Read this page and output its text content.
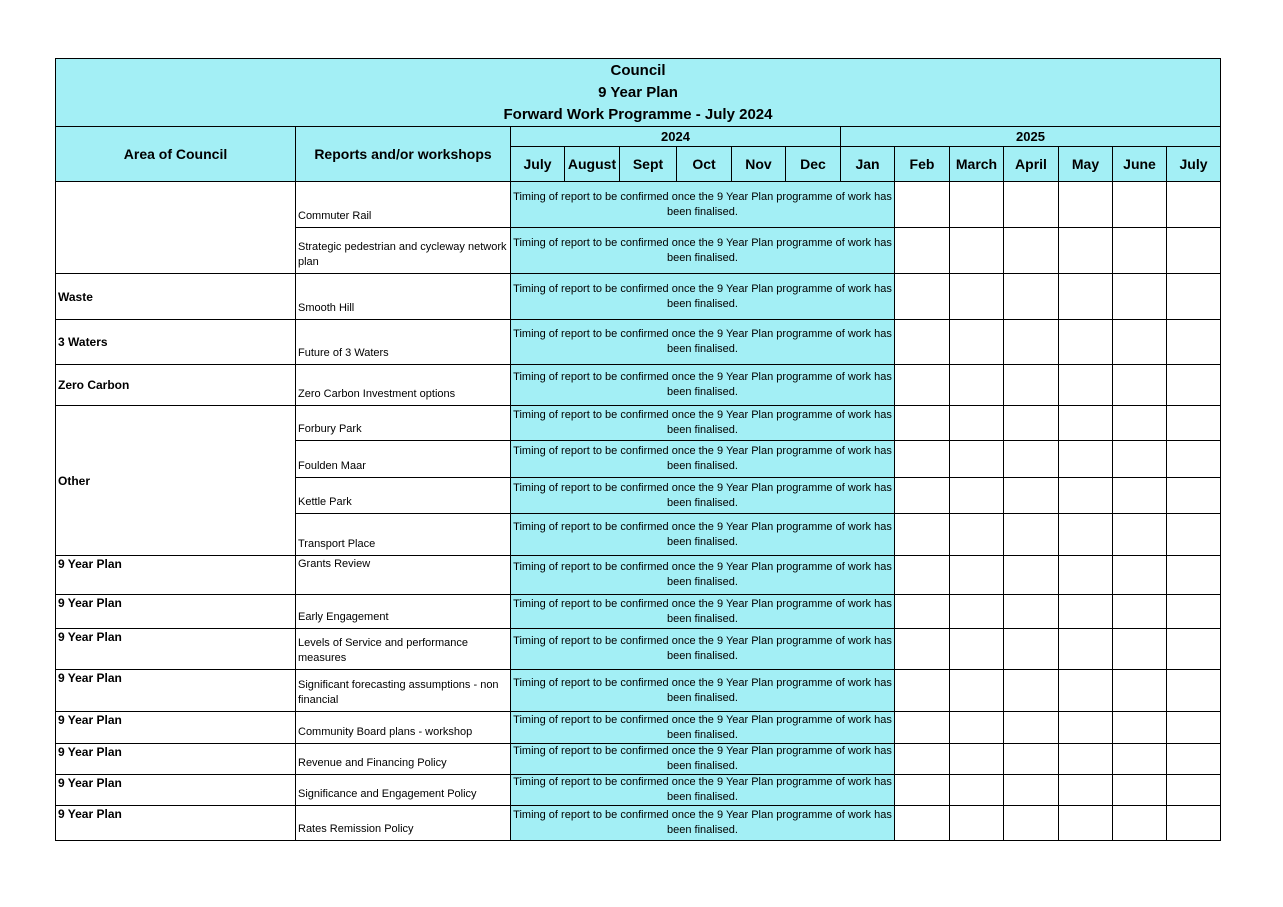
Council
9 Year Plan
Forward Work Programme - July 2024														

Area of Council	Reports and/or workshops	2024						2025						
		July	August	Sept	Oct	Nov	Dec	Jan	Feb	March	April	May	June	July
	Commuter Rail	Timing of report to be confirmed once the 9 Year Plan programme of work has been finalised.												
	Strategic pedestrian and cycleway network plan	Timing of report to be confirmed once the 9 Year Plan programme of work has been finalised.												
Waste	Smooth Hill	Timing of report to be confirmed once the 9 Year Plan programme of work has been finalised.												
3 Waters	Future of 3 Waters	Timing of report to be confirmed once the 9 Year Plan programme of work has been finalised.												
Zero Carbon	Zero Carbon Investment options	Timing of report to be confirmed once the 9 Year Plan programme of work has been finalised.												
Other	Forbury Park	Timing of report to be confirmed once the 9 Year Plan programme of work has been finalised.												
	Foulden Maar	Timing of report to be confirmed once the 9 Year Plan programme of work has been finalised.												
	Kettle Park	Timing of report to be confirmed once the 9 Year Plan programme of work has been finalised.												
	Transport Place	Timing of report to be confirmed once the 9 Year Plan programme of work has been finalised.												
9 Year Plan	Grants Review	Timing of report to be confirmed once the 9 Year Plan programme of work has been finalised.												
9 Year Plan	Early Engagement	Timing of report to be confirmed once the 9 Year Plan programme of work has been finalised.												
9 Year Plan	Levels of Service and performance measures	Timing of report to be confirmed once the 9 Year Plan programme of work has been finalised.												
9 Year Plan	Significant forecasting assumptions - non financial	Timing of report to be confirmed once the 9 Year Plan programme of work has been finalised.												
9 Year Plan	Community Board plans - workshop	Timing of report to be confirmed once the 9 Year Plan programme of work has been finalised.												
9 Year Plan	Revenue and Financing Policy	Timing of report to be confirmed once the 9 Year Plan programme of work has been finalised.												
9 Year Plan	Significance and Engagement Policy	Timing of report to be confirmed once the 9 Year Plan programme of work has been finalised.												
9 Year Plan	Rates Remission Policy	Timing of report to be confirmed once the 9 Year Plan programme of work has been finalised.												
